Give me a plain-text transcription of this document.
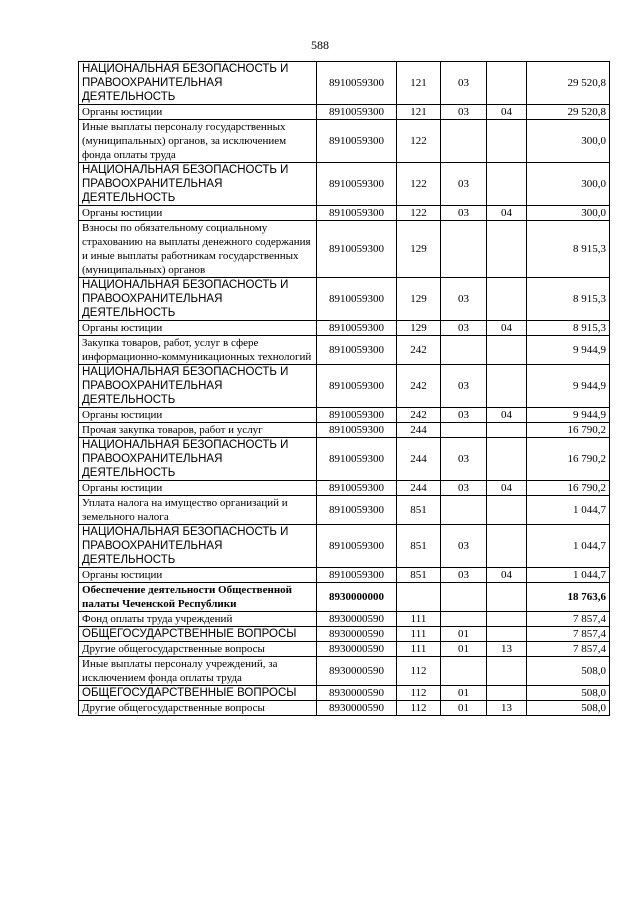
588
НАЦИОНАЛЬНАЯ БЕЗОПАСНОСТЬ И ПРАВООХРАНИТЕЛЬНАЯ ДЕЯТЕЛЬНОСТЬ	8910059300	121	03		29 520,8
Органы юстиции	8910059300	121	03	04	29 520,8
Иные выплаты персоналу государственных (муниципальных) органов, за исключением фонда оплаты труда	8910059300	122			300,0
НАЦИОНАЛЬНАЯ БЕЗОПАСНОСТЬ И ПРАВООХРАНИТЕЛЬНАЯ ДЕЯТЕЛЬНОСТЬ	8910059300	122	03		300,0
Органы юстиции	8910059300	122	03	04	300,0
Взносы по обязательному социальному страхованию на выплаты денежного содержания и иные выплаты работникам государственных (муниципальных) органов	8910059300	129			8 915,3
НАЦИОНАЛЬНАЯ БЕЗОПАСНОСТЬ И ПРАВООХРАНИТЕЛЬНАЯ ДЕЯТЕЛЬНОСТЬ	8910059300	129	03		8 915,3
Органы юстиции	8910059300	129	03	04	8 915,3
Закупка товаров, работ, услуг в сфере информационно-коммуникационных технологий	8910059300	242			9 944,9
НАЦИОНАЛЬНАЯ БЕЗОПАСНОСТЬ И ПРАВООХРАНИТЕЛЬНАЯ ДЕЯТЕЛЬНОСТЬ	8910059300	242	03		9 944,9
Органы юстиции	8910059300	242	03	04	9 944,9
Прочая закупка товаров, работ и услуг	8910059300	244			16 790,2
НАЦИОНАЛЬНАЯ БЕЗОПАСНОСТЬ И ПРАВООХРАНИТЕЛЬНАЯ ДЕЯТЕЛЬНОСТЬ	8910059300	244	03		16 790,2
Органы юстиции	8910059300	244	03	04	16 790,2
Уплата налога на имущество организаций и земельного налога	8910059300	851			1 044,7
НАЦИОНАЛЬНАЯ БЕЗОПАСНОСТЬ И ПРАВООХРАНИТЕЛЬНАЯ ДЕЯТЕЛЬНОСТЬ	8910059300	851	03		1 044,7
Органы юстиции	8910059300	851	03	04	1 044,7
Обеспечение деятельности Общественной палаты Чеченской Республики	8930000000				18 763,6
Фонд оплаты труда учреждений	8930000590	111			7 857,4
ОБЩЕГОСУДАРСТВЕННЫЕ ВОПРОСЫ	8930000590	111	01		7 857,4
Другие общегосударственные вопросы	8930000590	111	01	13	7 857,4
Иные выплаты персоналу учреждений, за исключением фонда оплаты труда	8930000590	112			508,0
ОБЩЕГОСУДАРСТВЕННЫЕ ВОПРОСЫ	8930000590	112	01		508,0
Другие общегосударственные вопросы	8930000590	112	01	13	508,0
